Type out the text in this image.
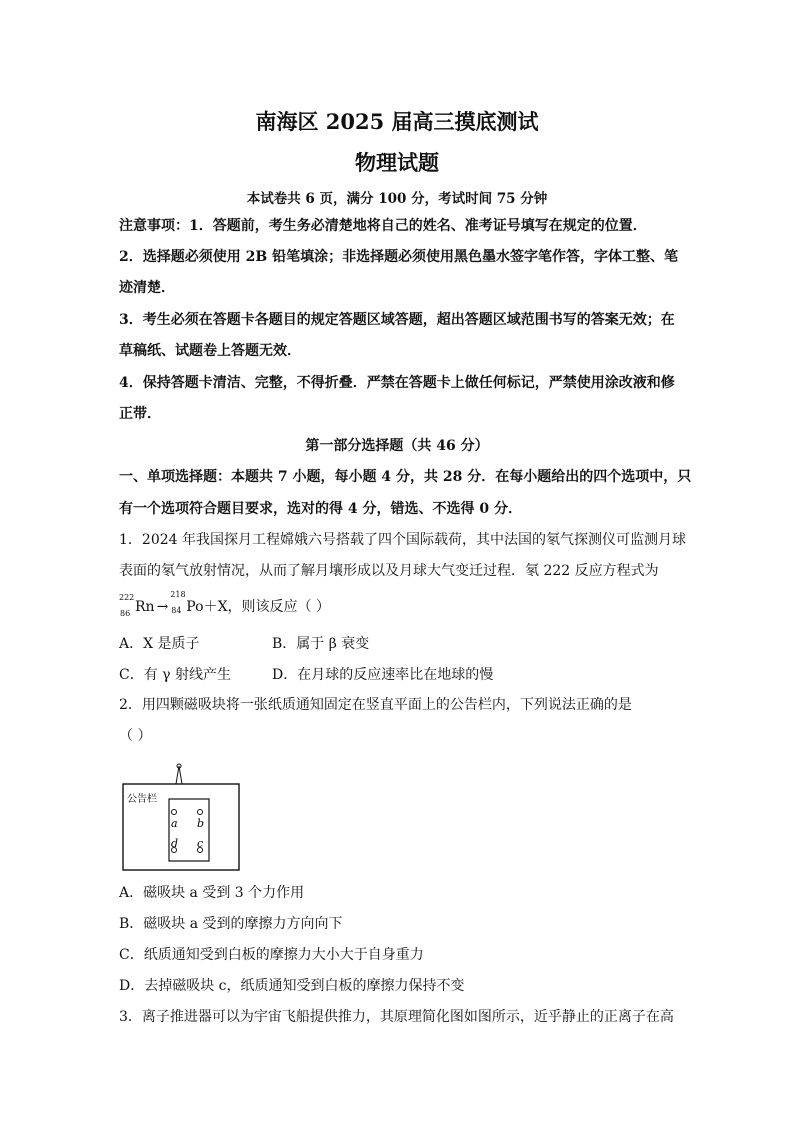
南海区 2025 届高三摸底测试
物理试题
本试卷共 6 页，满分 100 分，考试时间 75 分钟
注意事项：1．答题前，考生务必清楚地将自己的姓名、准考证号填写在规定的位置．
2．选择题必须使用 2B 铅笔填涂；非选择题必须使用黑色墨水签字笔作答，字体工整、笔
迹清楚．
3．考生必须在答题卡各题目的规定答题区域答题，超出答题区域范围书写的答案无效；在
草稿纸、试题卷上答题无效．
4．保持答题卡清洁、完整，不得折叠．严禁在答题卡上做任何标记，严禁使用涂改液和修
正带．
第一部分选择题（共 46 分）
一、单项选择题：本题共 7 小题，每小题 4 分，共 28 分．在每小题给出的四个选项中，只
有一个选项符合题目要求，选对的得 4 分，错选、不选得 0 分．
1．2024 年我国探月工程嫦娥六号搭载了四个国际载荷，其中法国的氡气探测仪可监测月球
表面的氡气放射情况，从而了解月壤形成以及月球大气变迁过程．氡 222 反应方程式为
222
86 Rn →
218
84 Po＋X，则该反应（ ）
A．X 是质子	B．属于 β 衰变
C．有 γ 射线产生	D．在月球的反应速率比在地球的慢
2．用四颗磁吸块将一张纸质通知固定在竖直平面上的公告栏内，下列说法正确的是
（ ）
公告栏
a b
d c
A．磁吸块 a 受到 3 个力作用
B．磁吸块 a 受到的摩擦力方向向下
C．纸质通知受到白板的摩擦力大小大于自身重力
D．去掉磁吸块 c，纸质通知受到白板的摩擦力保持不变
3．离子推进器可以为宇宙飞船提供推力，其原理简化图如图所示，近乎静止的正离子在高
